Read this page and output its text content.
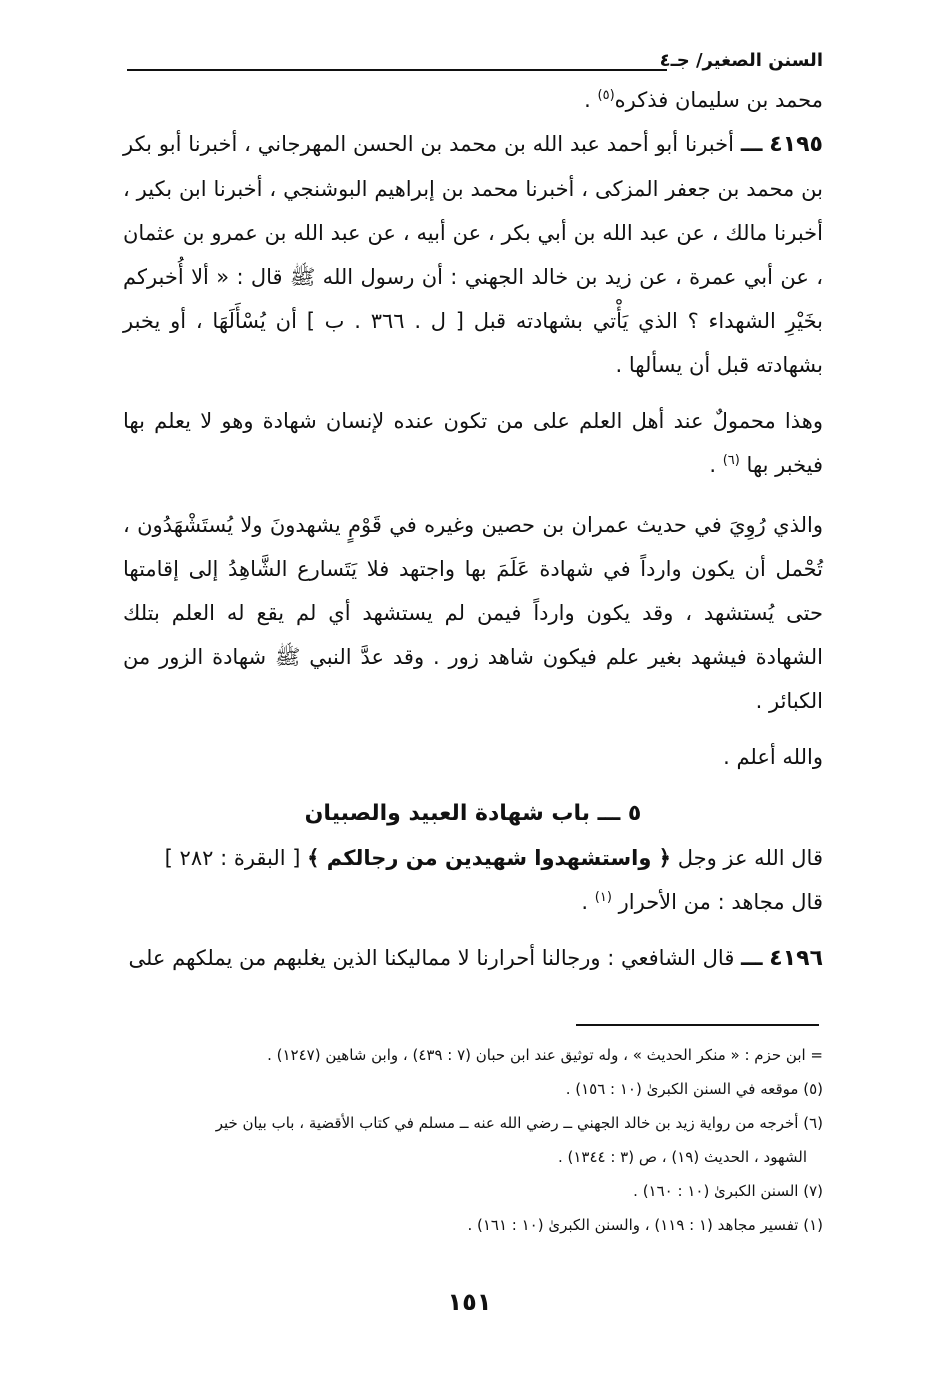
السنن الصغير/ جـ٤

محمد بن سليمان فذكره$^{(٥)}$ .

٤١٩٥ ـــ أخبرنا أبو أحمد عبد الله بن محمد بن الحسن المهرجاني ، أخبرنا أبو بكر بن محمد بن جعفر المزكى ، أخبرنا محمد بن إبراهيم البوشنجي ، أخبرنا ابن بكير ، أخبرنا مالك ، عن عبد الله بن أبي بكر ، عن أبيه ، عن عبد الله بن عمرو بن عثمان ، عن أبي عمرة ، عن زيد بن خالد الجهني : أن رسول الله ﷺ قال : « ألا أُخبركم بخَيْرِ الشهداء ؟ الذي يَأْتي بشهادته قبل [ ل . ٣٦٦ . ب ] أن يُسْأَلَهَا ، أو يخبر بشهادته قبل أن يسألها .

وهذا محمولٌ عند أهل العلم على من تكون عنده لإنسان شهادة وهو لا يعلم بها فيخبر بها $^{(٦)}$ .

والذي رُوِيَ في حديث عمران بن حصين وغيره في قَوْمٍ يشهدونَ ولا يُستَشْهَدُون ، تُحْمل أن يكون وارداً في شهادة عَلَمَ بها واجتهد فلا يَتَسارع الشَّاهِدُ إلى إقامتها حتى يُستشهد ، وقد يكون وارداً فيمن لم يستشهد أي لم يقع له العلم بتلك الشهادة فيشهد بغير علم فيكون شاهد زور . وقد عدَّ النبي ﷺ شهادة الزور من الكبائر .

والله أعلم .

٥ ـــ باب شهادة العبيد والصبيان

قال الله عز وجل ﴿ واستشهدوا شهيدين من رجالكم ﴾ [ البقرة : ٢٨٢ ]
قال مجاهد : من الأحرار $^{(١)}$ .

٤١٩٦ ـــ قال الشافعي : ورجالنا أحرارنا لا مماليكنا الذين يغلبهم من يملكهم على

= ابن حزم : « منكر الحديث » ، وله توثيق عند ابن حبان (٧ : ٤٣٩) ، وابن شاهين (١٢٤٧) .

(٥) موقعه في السنن الكبرىٰ (١٠ : ١٥٦) .

(٦) أخرجه من رواية زيد بن خالد الجهني ــ رضي الله عنه ــ مسلم في كتاب الأقضية ، باب بيان خير

الشهود ، الحديث (١٩) ، ص (٣ : ١٣٤٤) .

(٧) السنن الكبرىٰ (١٠ : ١٦٠) .

(١) تفسير مجاهد (١ : ١١٩) ، والسنن الكبرىٰ (١٠ : ١٦١) .

١٥١
